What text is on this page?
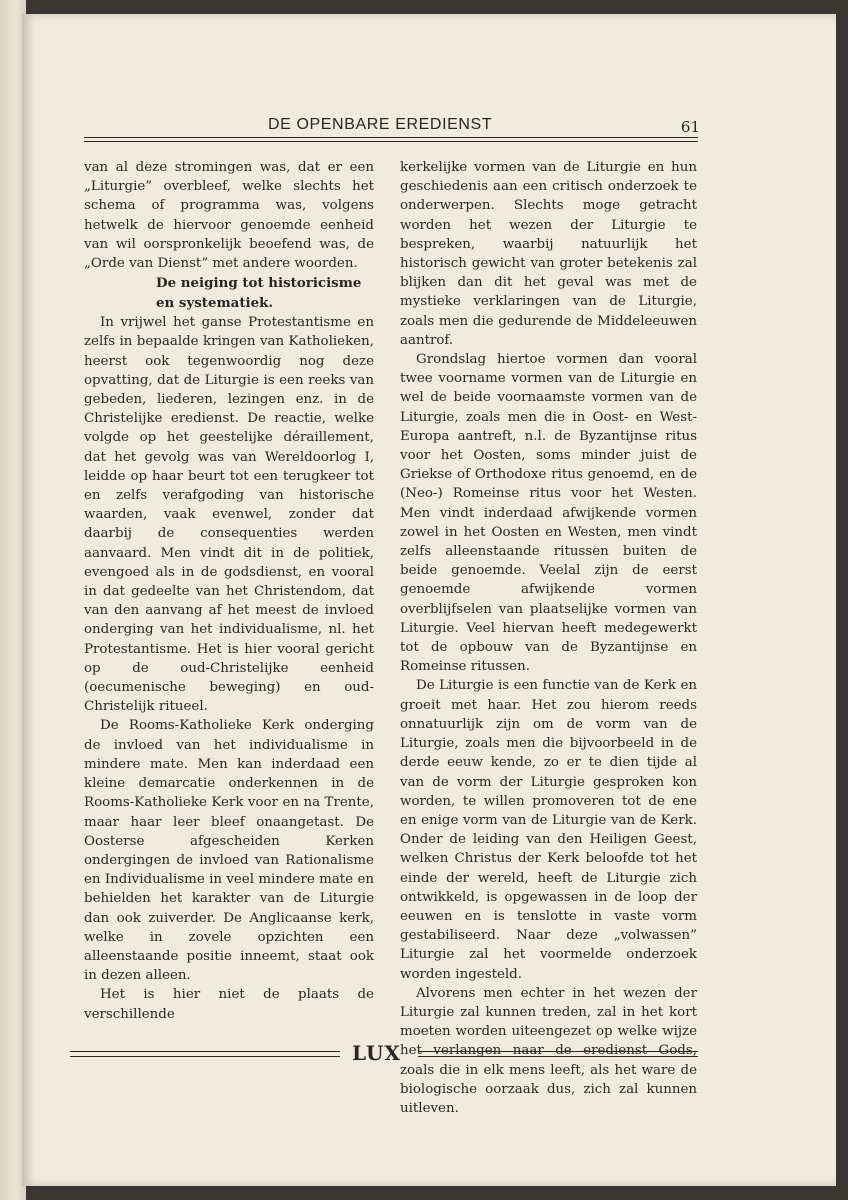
DE OPENBARE EREDIENST	61

van al deze stromingen was, dat er een „Liturgie” overbleef, welke slechts het schema of programma was, volgens hetwelk de hiervoor genoemde eenheid van wil oorspronkelijk beoefend was, de „Orde van Dienst” met andere woorden.

De neiging tot historicisme en systematiek.

In vrijwel het ganse Protestantisme en zelfs in bepaalde kringen van Katholieken, heerst ook tegenwoordig nog deze opvatting, dat de Liturgie is een reeks van gebeden, liederen, lezingen enz. in de Christelijke eredienst. De reactie, welke volgde op het geestelijke déraillement, dat het gevolg was van Wereldoorlog I, leidde op haar beurt tot een terugkeer tot en zelfs verafgoding van historische waarden, vaak evenwel, zonder dat daarbij de consequenties werden aanvaard. Men vindt dit in de politiek, evengoed als in de godsdienst, en vooral in dat gedeelte van het Christendom, dat van den aanvang af het meest de invloed onderging van het individualisme, nl. het Protestantisme. Het is hier vooral gericht op de oud-Christelijke eenheid (oecumenische beweging) en oud-Christelijk ritueel.

De Rooms-Katholieke Kerk onderging de invloed van het individualisme in mindere mate. Men kan inderdaad een kleine demarcatie onderkennen in de Rooms-Katholieke Kerk voor en na Trente, maar haar leer bleef onaangetast. De Oosterse afgescheiden Kerken ondergingen de invloed van Rationalisme en Individualisme in veel mindere mate en behielden het karakter van de Liturgie dan ook zuiverder. De Anglicaanse kerk, welke in zovele opzichten een alleenstaande positie inneemt, staat ook in dezen alleen.

Het is hier niet de plaats de verschillende

kerkelijke vormen van de Liturgie en hun geschiedenis aan een critisch onderzoek te onderwerpen. Slechts moge getracht worden het wezen der Liturgie te bespreken, waarbij natuurlijk het historisch gewicht van groter betekenis zal blijken dan dit het geval was met de mystieke verklaringen van de Liturgie, zoals men die gedurende de Middeleeuwen aantrof.

Grondslag hiertoe vormen dan vooral twee voorname vormen van de Liturgie en wel de beide voornaamste vormen van de Liturgie, zoals men die in Oost- en West-Europa aantreft, n.l. de Byzantijnse ritus voor het Oosten, soms minder juist de Griekse of Orthodoxe ritus genoemd, en de (Neo-) Romeinse ritus voor het Westen. Men vindt inderdaad afwijkende vormen zowel in het Oosten en Westen, men vindt zelfs alleenstaande ritussen buiten de beide genoemde. Veelal zijn de eerst genoemde afwijkende vormen overblijfselen van plaatselijke vormen van Liturgie. Veel hiervan heeft medegewerkt tot de opbouw van de Byzantijnse en Romeinse ritussen.

De Liturgie is een functie van de Kerk en groeit met haar. Het zou hierom reeds onnatuurlijk zijn om de vorm van de Liturgie, zoals men die bijvoorbeeld in de derde eeuw kende, zo er te dien tijde al van de vorm der Liturgie gesproken kon worden, te willen promoveren tot de ene en enige vorm van de Liturgie van de Kerk. Onder de leiding van den Heiligen Geest, welken Christus der Kerk beloofde tot het einde der wereld, heeft de Liturgie zich ontwikkeld, is opgewassen in de loop der eeuwen en is tenslotte in vaste vorm gestabiliseerd. Naar deze „volwassen” Liturgie zal het voormelde onderzoek worden ingesteld.

Alvorens men echter in het wezen der Liturgie zal kunnen treden, zal in het kort moeten worden uiteengezet op welke wijze het verlangen naar de eredienst Gods, zoals die in elk mens leeft, als het ware de biologische oorzaak dus, zich zal kunnen uitleven.

LUX
